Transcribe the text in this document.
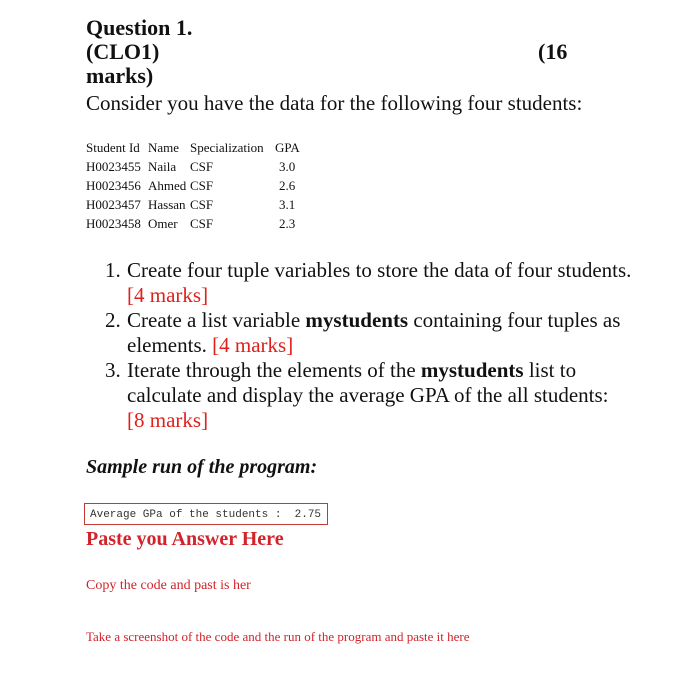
Question 1.
(CLO1)	(16
marks)
Consider you have the data for the following four students:
Student Id	Name	Specialization	GPA
H0023455	Naila	CSF	3.0
H0023456	Ahmed	CSF	2.6
H0023457	Hassan	CSF	3.1
H0023458	Omer	CSF	2.3
1. Create four tuple variables to store the data of four students. [4 marks]
2. Create a list variable mystudents containing four tuples as elements. [4 marks]
3. Iterate through the elements of the mystudents list to calculate and display the average GPA of the all students:
[8 marks]
Sample run of the program:
Average GPa of the students :  2.75
Paste you Answer Here
Copy the code and past is her
Take a screenshot of the code and the run of the program and paste it here
